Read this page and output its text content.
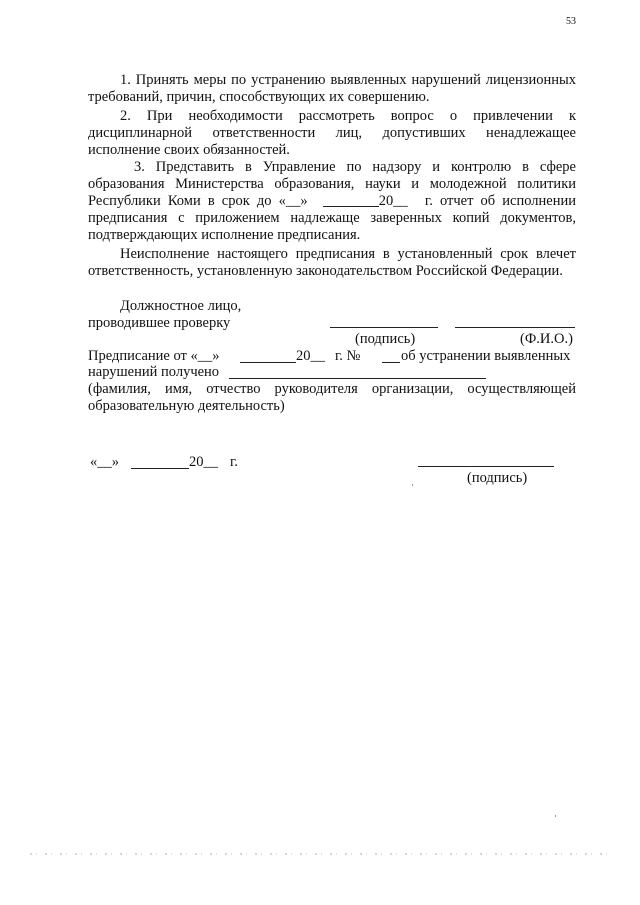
53
1. Принять меры по устранению выявленных нарушений лицензионных требований, причин, способствующих их совершению.
2. При необходимости рассмотреть вопрос о привлечении к дисциплинарной ответственности лиц, допустивших ненадлежащее исполнение своих обязанностей.
3. Представить в Управление по надзору и контролю в сфере образования Министерства образования, науки и молодежной политики Республики Коми в срок до «__»	20__ г. отчет об исполнении предписания с приложением надлежаще заверенных копий документов, подтверждающих исполнение предписания.
Неисполнение настоящего предписания в установленный срок влечет ответственность, установленную законодательством Российской Федерации.
Должностное лицо,
проводившее проверку
(подпись)	(Ф.И.О.)
Предписание от «__»	20__ г. №	об устранении выявленных
нарушений получено
(фамилия, имя, отчество руководителя организации, осуществляющей образовательную деятельность)
«__»	20__ г.
(подпись)
